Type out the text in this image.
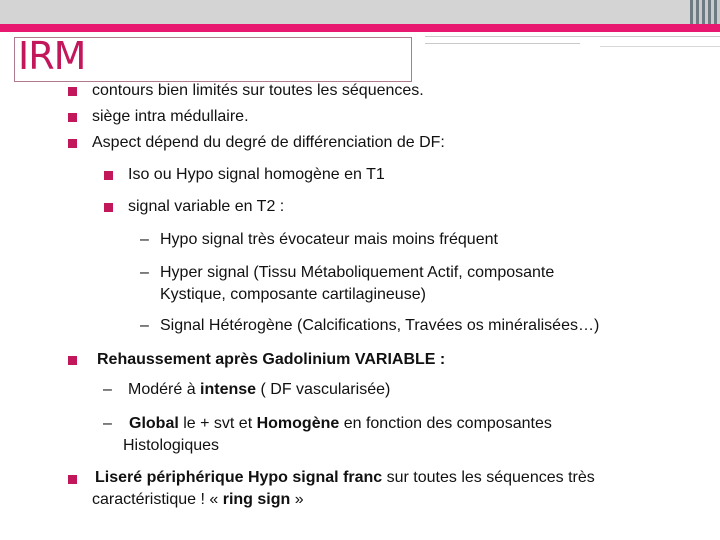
IRM
contours bien limités sur toutes les séquences.
siège intra médullaire.
Aspect dépend du degré de différenciation de DF:
Iso ou Hypo signal homogène en T1
signal variable en T2 :
– Hypo signal très évocateur mais moins fréquent
– Hyper signal (Tissu Métaboliquement Actif, composante
Kystique, composante cartilagineuse)
– Signal Hétérogène (Calcifications, Travées os minéralisées…)
Rehaussement après Gadolinium VARIABLE :
– Modéré à intense ( DF vascularisée)
– Global le + svt et Homogène en fonction des composantes
Histologiques
Liseré périphérique Hypo signal franc sur toutes les séquences très
caractéristique ! « ring sign »
